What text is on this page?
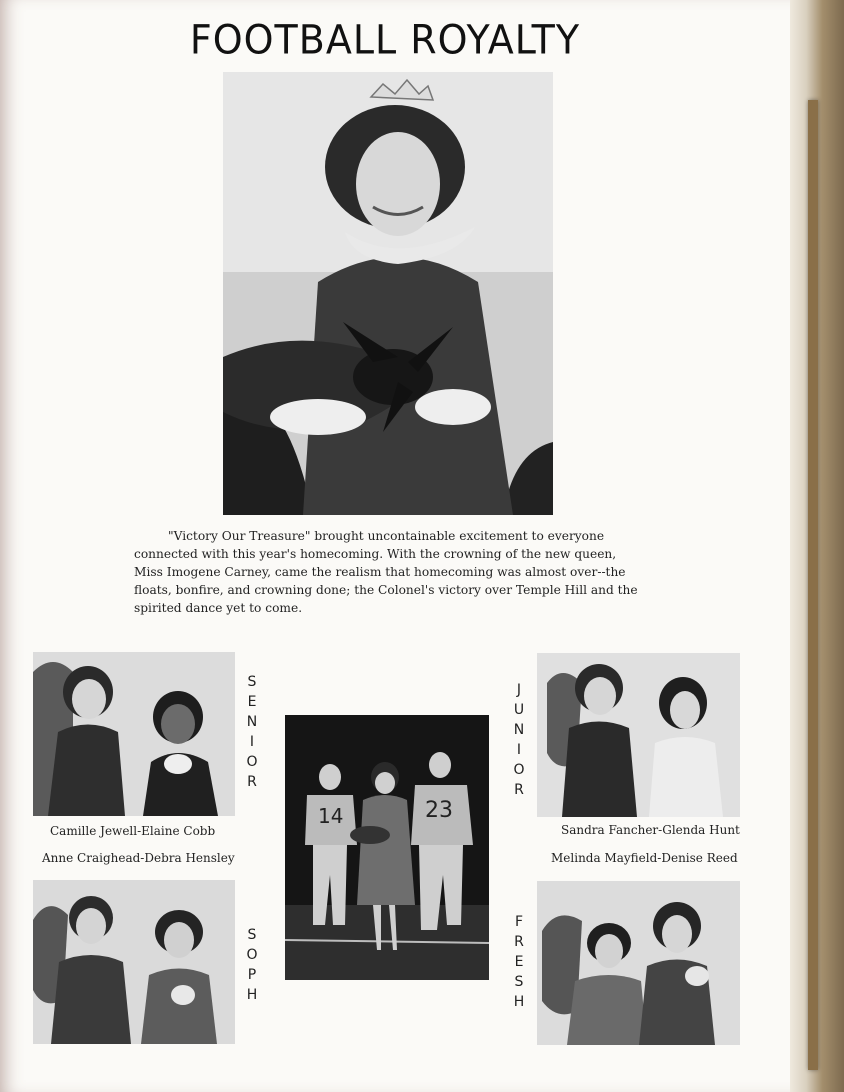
FOOTBALL ROYALTY
"Victory Our Treasure" brought uncontainable excitement to everyone connected with this year's homecoming. With the crowning of the new queen, Miss Imogene Carney, came the realism that homecoming was almost over--the floats, bonfire, and crowning done; the Colonel's victory over Temple Hill and the spirited dance yet to come.
SENIOR
Camille Jewell-Elaine Cobb
14	23
JUNIOR
Sandra Fancher-Glenda Hunt
Anne Craighead-Debra Hensley
SOPH
Melinda Mayfield-Denise Reed
FRESH
